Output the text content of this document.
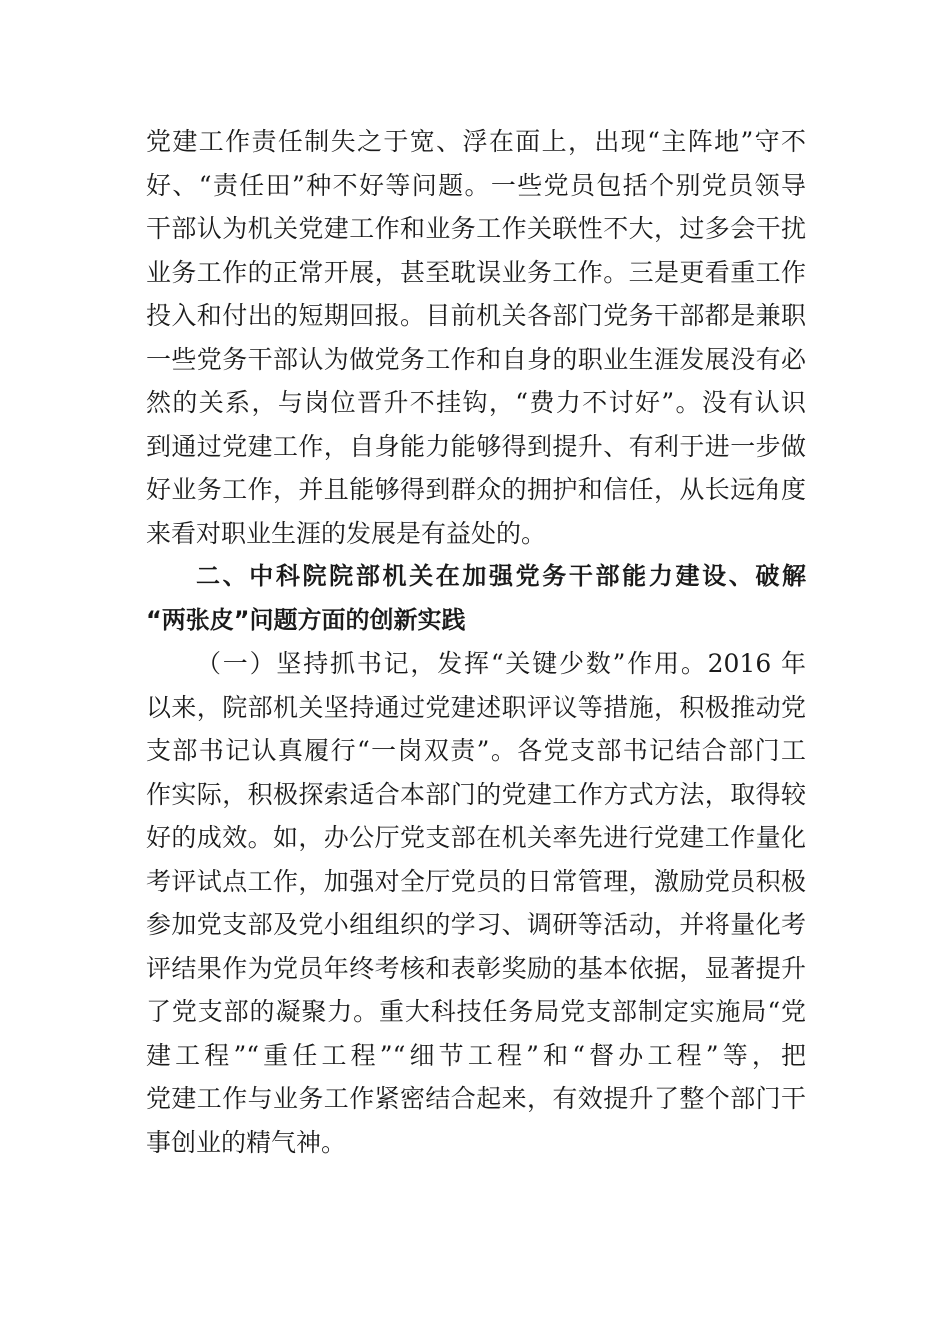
党建工作责任制失之于宽、浮在面上，出现“主阵地”守不
好、“责任田”种不好等问题。一些党员包括个别党员领导
干部认为机关党建工作和业务工作关联性不大，过多会干扰
业务工作的正常开展，甚至耽误业务工作。三是更看重工作
投入和付出的短期回报。目前机关各部门党务干部都是兼职
一些党务干部认为做党务工作和自身的职业生涯发展没有必
然的关系，与岗位晋升不挂钩，“费力不讨好”。没有认识
到通过党建工作，自身能力能够得到提升、有利于进一步做
好业务工作，并且能够得到群众的拥护和信任，从长远角度
来看对职业生涯的发展是有益处的。
二、中科院院部机关在加强党务干部能力建设、破解
“两张皮”问题方面的创新实践
（一）坚持抓书记，发挥“关键少数”作用。2016 年
以来，院部机关坚持通过党建述职评议等措施，积极推动党
支部书记认真履行“一岗双责”。各党支部书记结合部门工
作实际，积极探索适合本部门的党建工作方式方法，取得较
好的成效。如，办公厅党支部在机关率先进行党建工作量化
考评试点工作，加强对全厅党员的日常管理，激励党员积极
参加党支部及党小组组织的学习、调研等活动，并将量化考
评结果作为党员年终考核和表彰奖励的基本依据，显著提升
了党支部的凝聚力。重大科技任务局党支部制定实施局“党
建工程”“重任工程”“细节工程”和“督办工程”等，把
党建工作与业务工作紧密结合起来，有效提升了整个部门干
事创业的精气神。
